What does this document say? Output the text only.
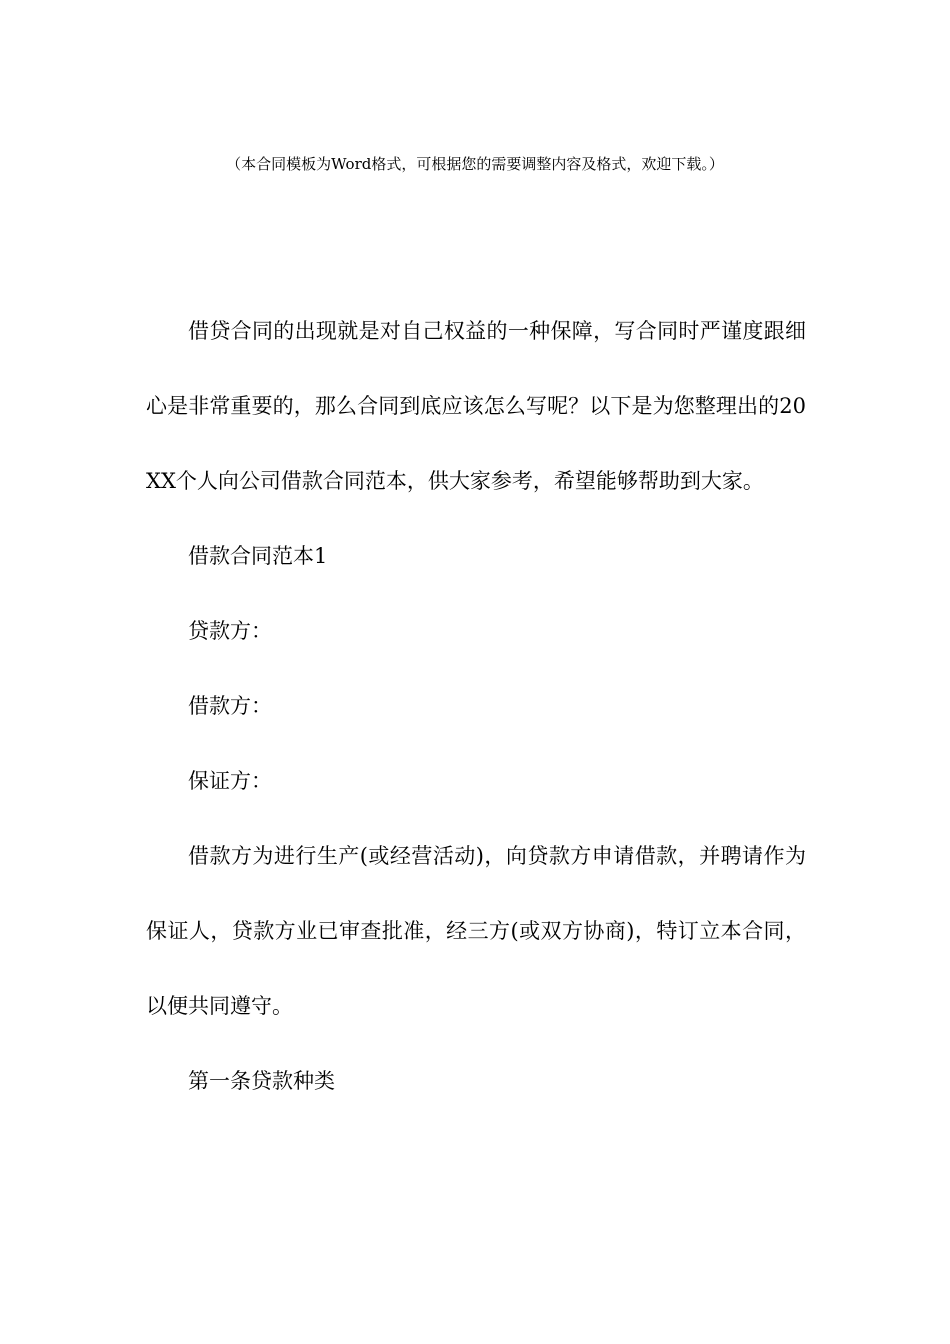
（本合同模板为Word格式，可根据您的需要调整内容及格式，欢迎下载。）

借贷合同的出现就是对自己权益的一种保障，写合同时严谨度跟细心是非常重要的，那么合同到底应该怎么写呢？以下是为您整理出的20XX个人向公司借款合同范本，供大家参考，希望能够帮助到大家。

借款合同范本1

贷款方：

借款方：

保证方：

借款方为进行生产(或经营活动)，向贷款方申请借款，并聘请作为保证人，贷款方业已审查批准，经三方(或双方协商)，特订立本合同，以便共同遵守。

第一条贷款种类
